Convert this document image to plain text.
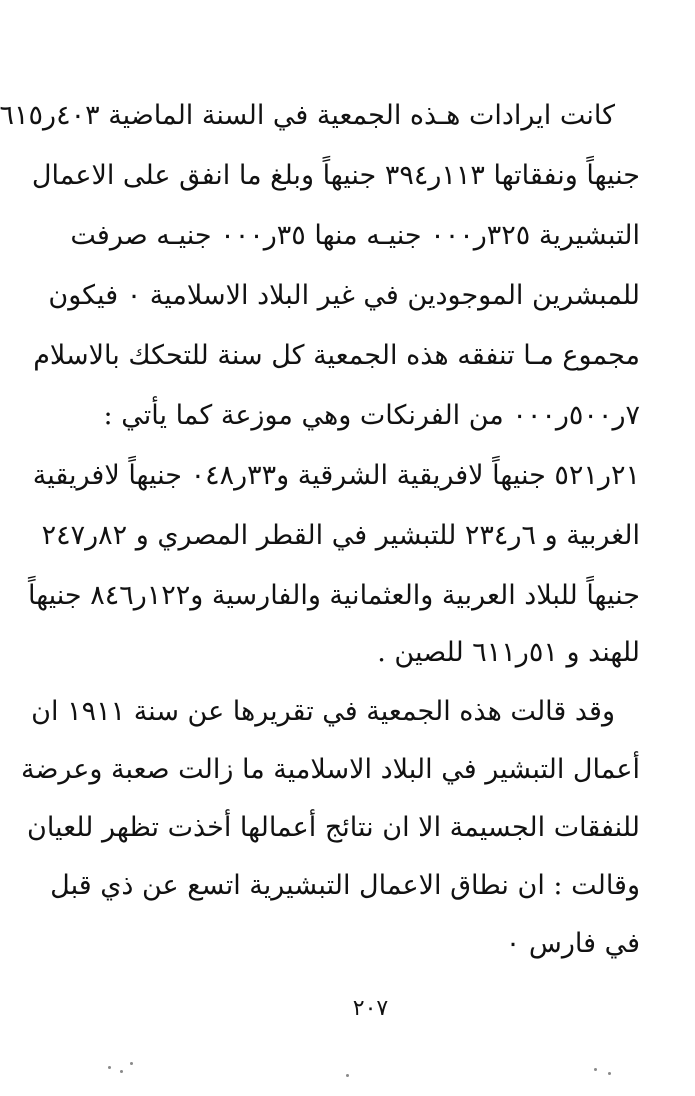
كانت ايرادات هـذه الجمعية في السنة الماضية ٤٠٣ر٦١٥
جنيهاً ونفقاتها ١١٣ر٣٩٤ جنيهاً وبلغ ما انفق على الاعمال
التبشيرية ٣٢٥ر٠٠٠ جنيـه منها ٣٥ر٠٠٠ جنيـه صرفت
للمبشرين الموجودين في غير البلاد الاسلامية ٠ فيكون
مجموع مـا تنفقه هذه الجمعية كل سنة للتحكك بالاسلام
٧ر٥٠٠ر٠٠٠ من الفرنكات وهي موزعة كما يأتي :
٢١ر٥٢١ جنيهاً لافريقية الشرقية و٣٣ر٠٤٨ جنيهاً لافريقية
الغربية و ٦ر٢٣٤ للتبشير في القطر المصري و ٨٢ر٢٤٧
جنيهاً للبلاد العربية والعثمانية والفارسية و١٢٢ر٨٤٦ جنيهاً
للهند و ٥١ر٦١١ للصين .
وقد قالت هذه الجمعية في تقريرها عن سنة ١٩١١ ان
أعمال التبشير في البلاد الاسلامية ما زالت صعبة وعرضة
للنفقات الجسيمة الا ان نتائج أعمالها أخذت تظهر للعيان
وقالت : ان نطاق الاعمال التبشيرية اتسع عن ذي قبل
في فارس ٠
٢٠٧
